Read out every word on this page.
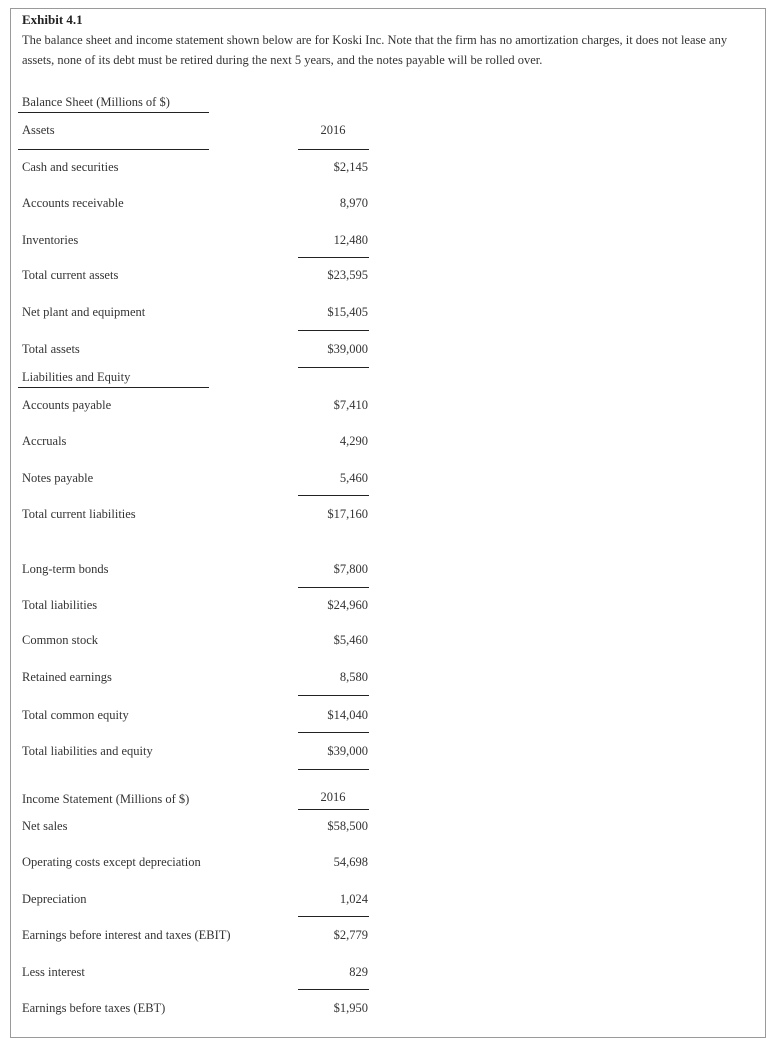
Exhibit 4.1
The balance sheet and income statement shown below are for Koski Inc. Note that the firm has no amortization charges, it does not lease any assets, none of its debt must be retired during the next 5 years, and the notes payable will be rolled over.
Balance Sheet (Millions of $)
Assets	2016
Cash and securities	$2,145
Accounts receivable	8,970
Inventories	12,480
Total current assets	$23,595
Net plant and equipment	$15,405
Total assets	$39,000
Liabilities and Equity
Accounts payable	$7,410
Accruals	4,290
Notes payable	5,460
Total current liabilities	$17,160
Long-term bonds	$7,800
Total liabilities	$24,960
Common stock	$5,460
Retained earnings	8,580
Total common equity	$14,040
Total liabilities and equity	$39,000
Income Statement (Millions of $)	2016
Net sales	$58,500
Operating costs except depreciation	54,698
Depreciation	1,024
Earnings before interest and taxes (EBIT)	$2,779
Less interest	829
Earnings before taxes (EBT)	$1,950
